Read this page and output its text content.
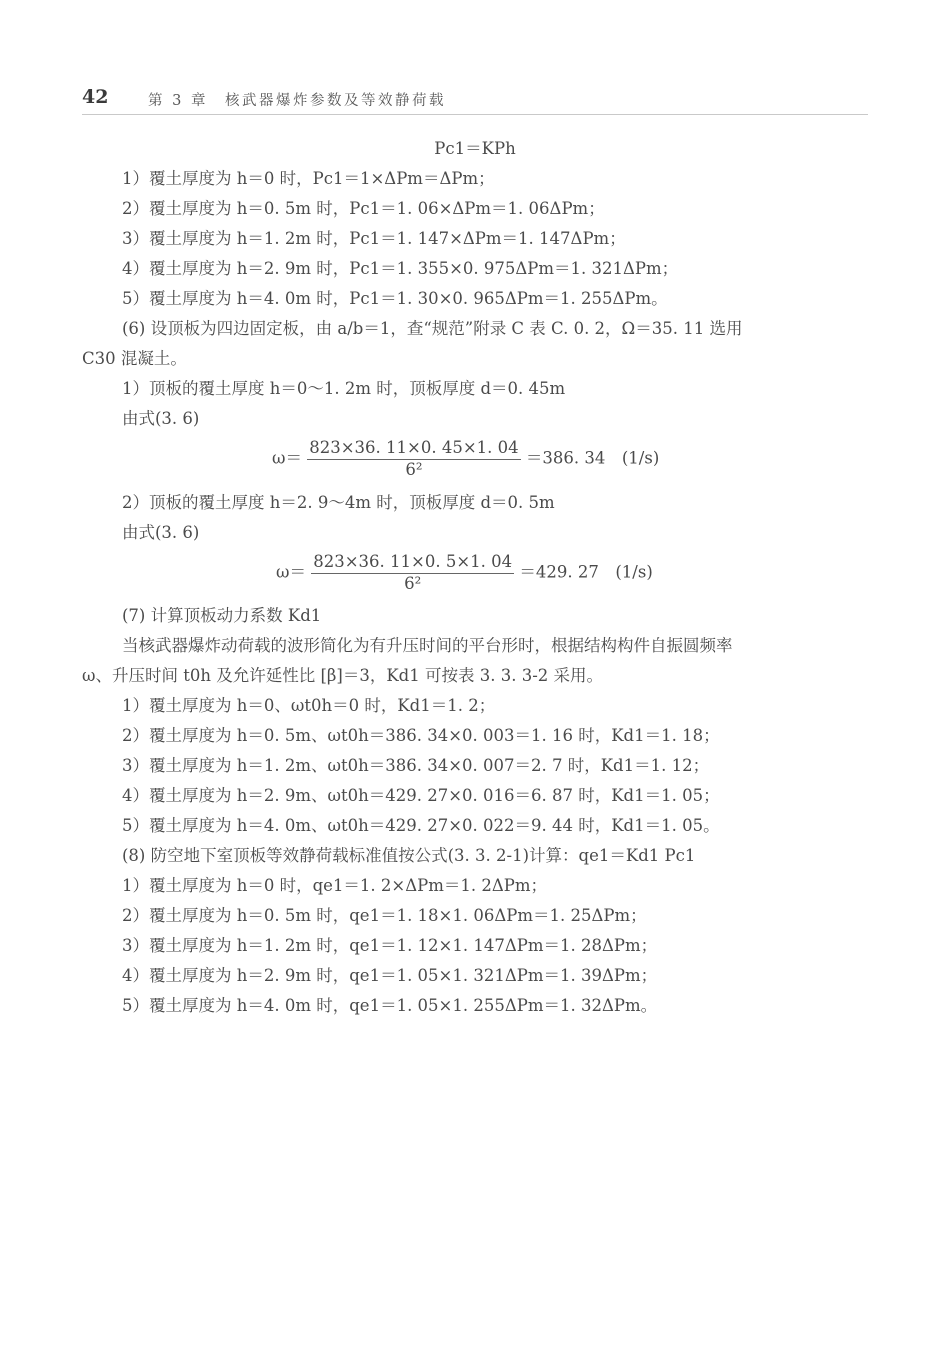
42	第 3 章　核武器爆炸参数及等效静荷载
Pc1＝KPh
1）覆土厚度为 h＝0 时，Pc1＝1×ΔPm＝ΔPm；
2）覆土厚度为 h＝0. 5m 时，Pc1＝1. 06×ΔPm＝1. 06ΔPm；
3）覆土厚度为 h＝1. 2m 时，Pc1＝1. 147×ΔPm＝1. 147ΔPm；
4）覆土厚度为 h＝2. 9m 时，Pc1＝1. 355×0. 975ΔPm＝1. 321ΔPm；
5）覆土厚度为 h＝4. 0m 时，Pc1＝1. 30×0. 965ΔPm＝1. 255ΔPm。
(6) 设顶板为四边固定板，由 a/b＝1，查“规范”附录 C 表 C. 0. 2，Ω＝35. 11 选用
C30 混凝土。
1）顶板的覆土厚度 h＝0～1. 2m 时，顶板厚度 d＝0. 45m
由式(3. 6)
$\omega= \frac{823\times 36. 11\times 0. 45\times 1. 04}{\text{6²}} =386$. 34　(1/s)
2）顶板的覆土厚度 h＝2. 9～4m 时，顶板厚度 d＝0. 5m
由式(3. 6)
$\omega= \frac{823\times 36. 11\times 0. 5\times 1. 04}{\text{6²}} =429$. 27　(1/s)
(7) 计算顶板动力系数 Kd1
当核武器爆炸动荷载的波形简化为有升压时间的平台形时，根据结构构件自振圆频率
ω、升压时间 t0h 及允许延性比 [β]＝3，Kd1 可按表 3. 3. 3-2 采用。
1）覆土厚度为 h＝0、ωt0h＝0 时，Kd1＝1. 2；
2）覆土厚度为 h＝0. 5m、ωt0h＝386. 34×0. 003＝1. 16 时，Kd1＝1. 18；
3）覆土厚度为 h＝1. 2m、ωt0h＝386. 34×0. 007＝2. 7 时，Kd1＝1. 12；
4）覆土厚度为 h＝2. 9m、ωt0h＝429. 27×0. 016＝6. 87 时，Kd1＝1. 05；
5）覆土厚度为 h＝4. 0m、ωt0h＝429. 27×0. 022＝9. 44 时，Kd1＝1. 05。
(8) 防空地下室顶板等效静荷载标准值按公式(3. 3. 2-1)计算：qe1＝Kd1 Pc1
1）覆土厚度为 h＝0 时，qe1＝1. 2×ΔPm＝1. 2ΔPm；
2）覆土厚度为 h＝0. 5m 时，qe1＝1. 18×1. 06ΔPm＝1. 25ΔPm；
3）覆土厚度为 h＝1. 2m 时，qe1＝1. 12×1. 147ΔPm＝1. 28ΔPm；
4）覆土厚度为 h＝2. 9m 时，qe1＝1. 05×1. 321ΔPm＝1. 39ΔPm；
5）覆土厚度为 h＝4. 0m 时，qe1＝1. 05×1. 255ΔPm＝1. 32ΔPm。
